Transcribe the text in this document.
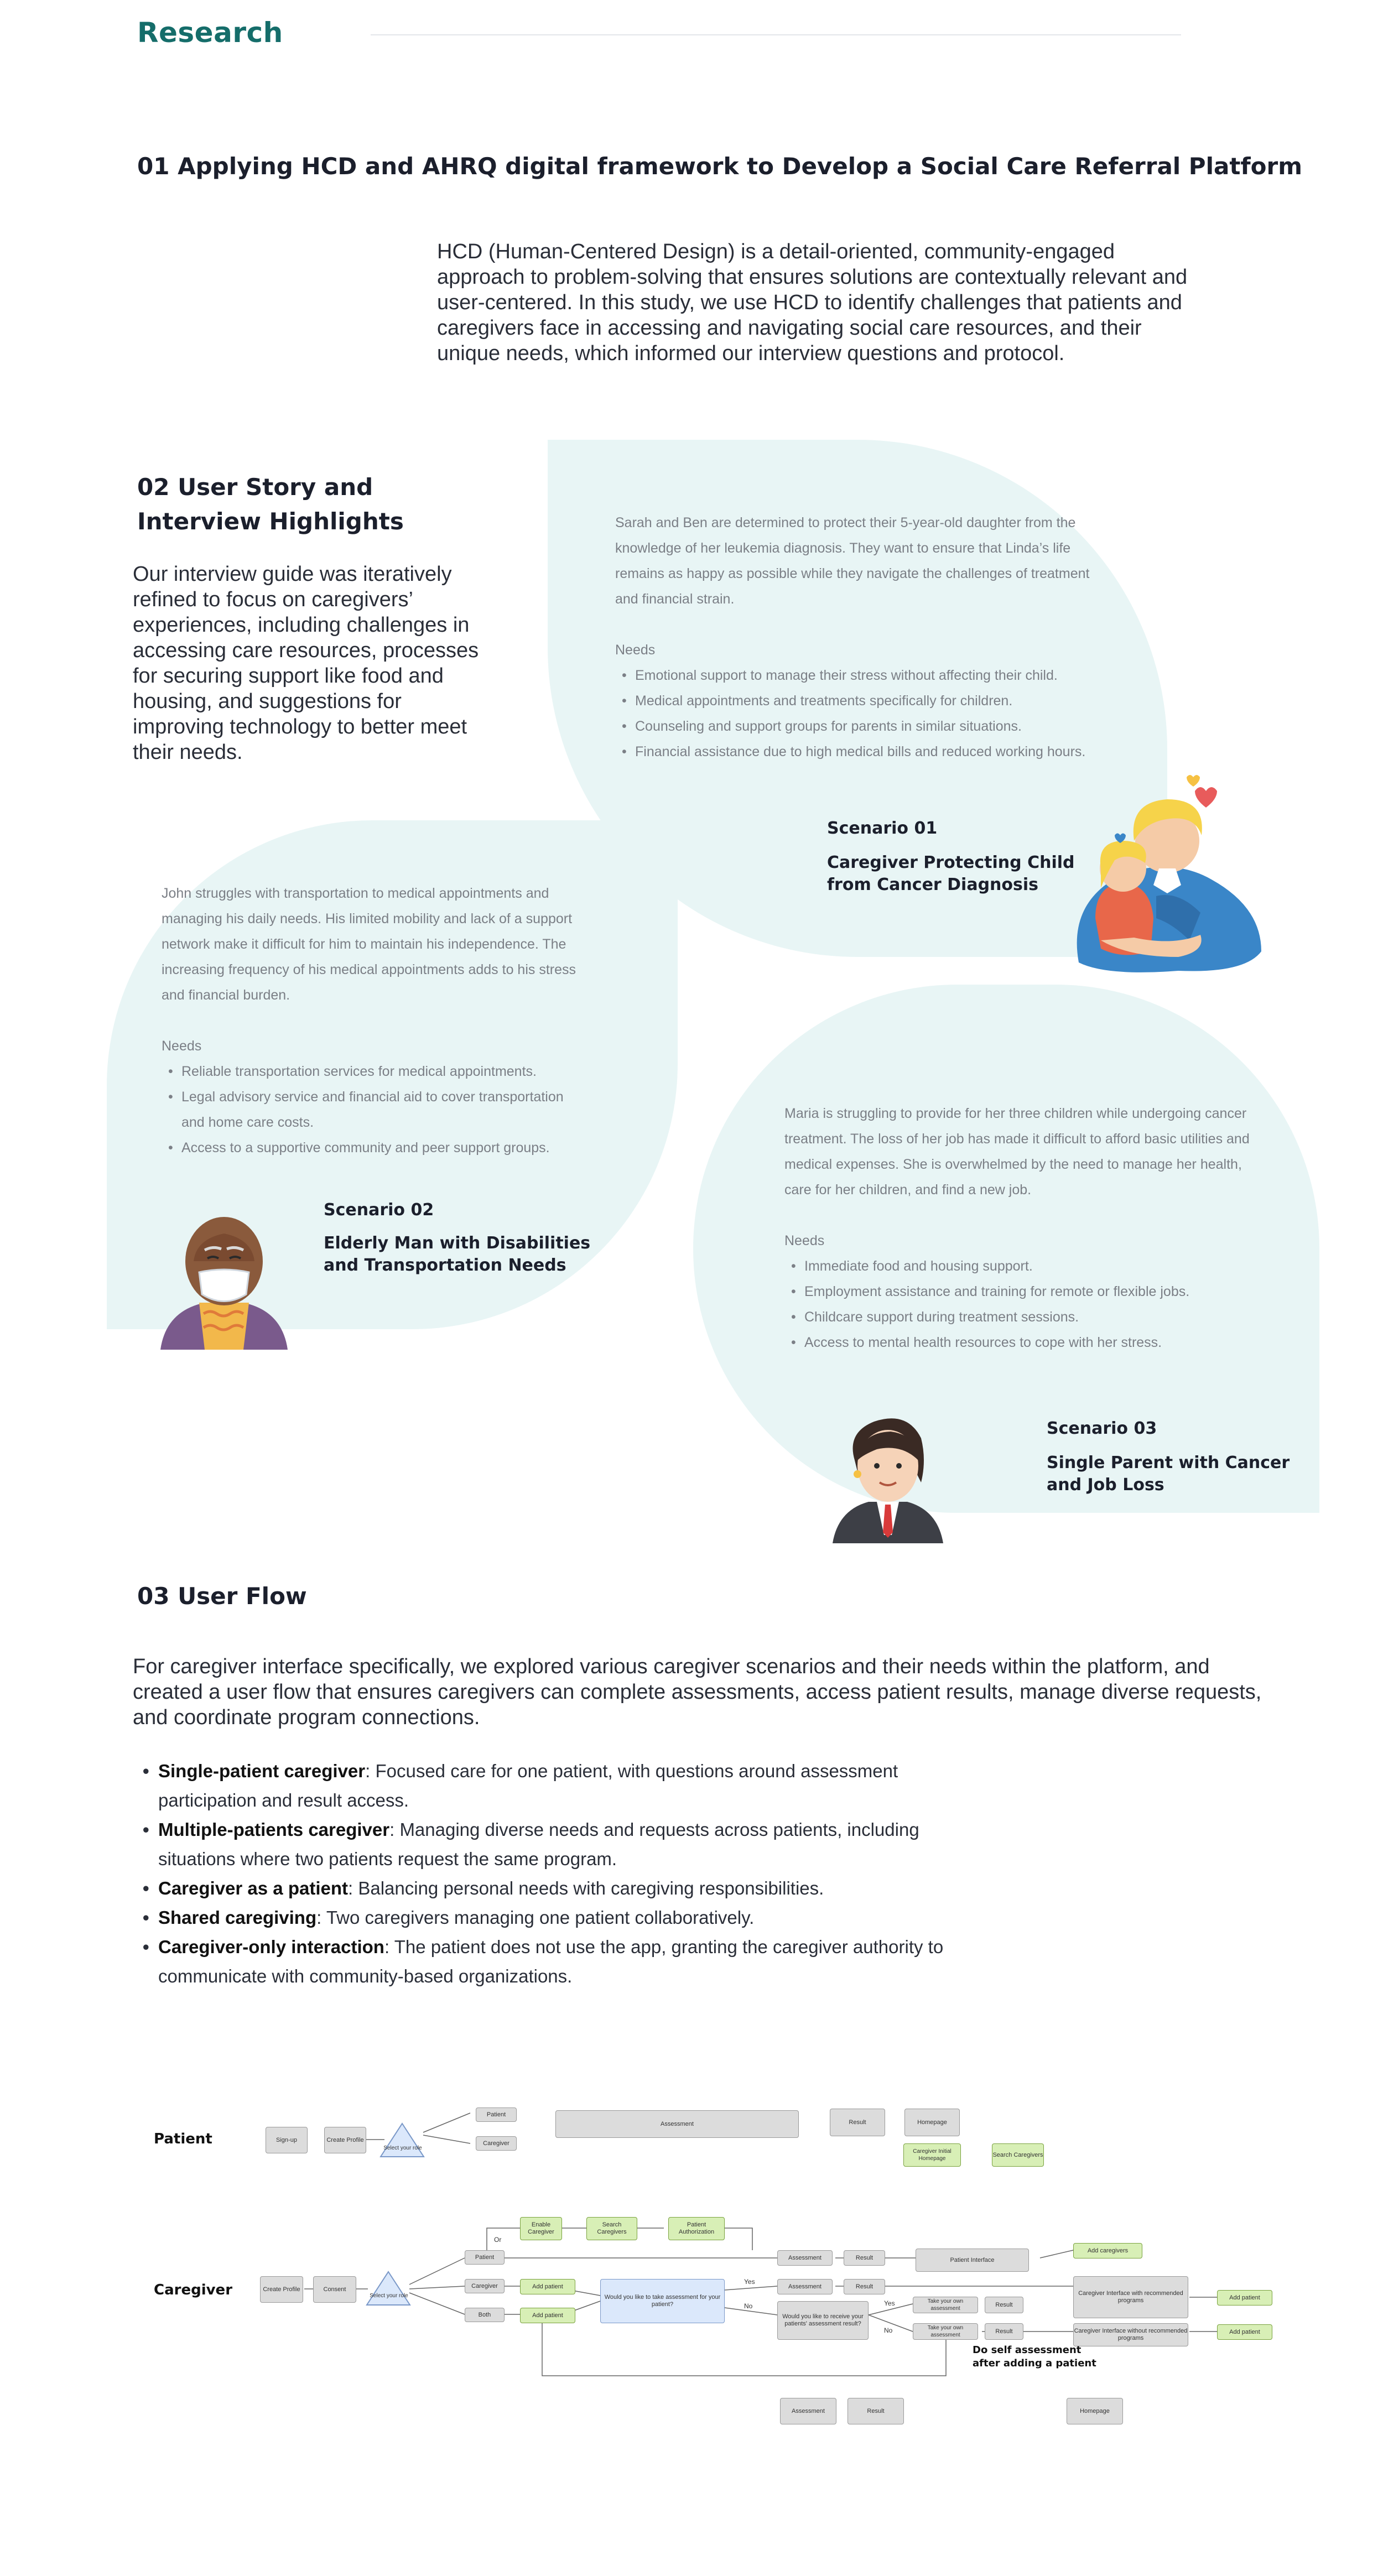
Research
01 Applying HCD and AHRQ digital framework to Develop a Social Care Referral Platform
HCD (Human-Centered Design) is a detail-oriented, community-engaged approach to problem-solving that ensures solutions are contextually relevant and user-centered. In this study, we use HCD to identify challenges that patients and caregivers face in accessing and navigating social care resources, and their unique needs, which informed our interview questions and protocol.
02 User Story and
Interview Highlights
Our interview guide was iteratively refined to focus on caregivers’ experiences, including challenges in accessing care resources, processes for securing support like food and housing, and suggestions for improving technology to better meet their needs.
Sarah and Ben are determined to protect their 5-year-old daughter from the knowledge of her leukemia diagnosis. They want to ensure that Linda’s life remains as happy as possible while they navigate the challenges of treatment and financial strain.
Needs
• Emotional support to manage their stress without affecting their child.
• Medical appointments and treatments specifically for children.
• Counseling and support groups for parents in similar situations.
• Financial assistance due to high medical bills and reduced working hours.
Scenario 01
Caregiver Protecting Child
from Cancer Diagnosis
John struggles with transportation to medical appointments and managing his daily needs. His limited mobility and lack of a support network make it difficult for him to maintain his independence. The increasing frequency of his medical appointments adds to his stress and financial burden.
Needs
• Reliable transportation services for medical appointments.
• Legal advisory service and financial aid to cover transportation and home care costs.
• Access to a supportive community and peer support groups.
Scenario 02
Elderly Man with Disabilities
and Transportation Needs
Maria is struggling to provide for her three children while undergoing cancer treatment. The loss of her job has made it difficult to afford basic utilities and medical expenses. She is overwhelmed by the need to manage her health, care for her children, and find a new job.
Needs
• Immediate food and housing support.
• Employment assistance and training for remote or flexible jobs.
• Childcare support during treatment sessions.
• Access to mental health resources to cope with her stress.
Scenario 03
Single Parent with Cancer
and Job Loss
03 User Flow
For caregiver interface specifically, we explored various caregiver scenarios and their needs within the platform, and created a user flow that ensures caregivers can complete assessments, access patient results, manage diverse requests, and coordinate program connections.
• Single-patient caregiver: Focused care for one patient, with questions around assessment participation and result access.
• Multiple-patients caregiver: Managing diverse needs and requests across patients, including situations where two patients request the same program.
• Caregiver as a patient: Balancing personal needs with caregiving responsibilities.
• Shared caregiving: Two caregivers managing one patient collaboratively.
• Caregiver-only interaction: The patient does not use the app, granting the caregiver authority to communicate with community-based organizations.
Patient
Caregiver
Sign-up	Create Profile
Select your role
Patient
Caregiver
Assessment	Result	Homepage
Caregiver Initial Homepage
Search Caregivers
Create Profile	Consent
Select your role
Or
Enable Caregiver
Search Caregivers
Patient Authorization
Patient
Caregiver
Both
Add patient
Add patient
Would you like to take assessment for your patient?
Yes
No
Would you like to receive your patients' assessment result?
Assessment	Result
Assessment	Result
Yes
No
Take your own assessment
Result
Take your own assessment
Result
Patient Interface
Add caregivers
Caregiver Interface with recommended programs
Caregiver Interface without recommended programs
Add patient
Add patient
Do self assessment after adding a patient
Assessment	Result	Homepage
